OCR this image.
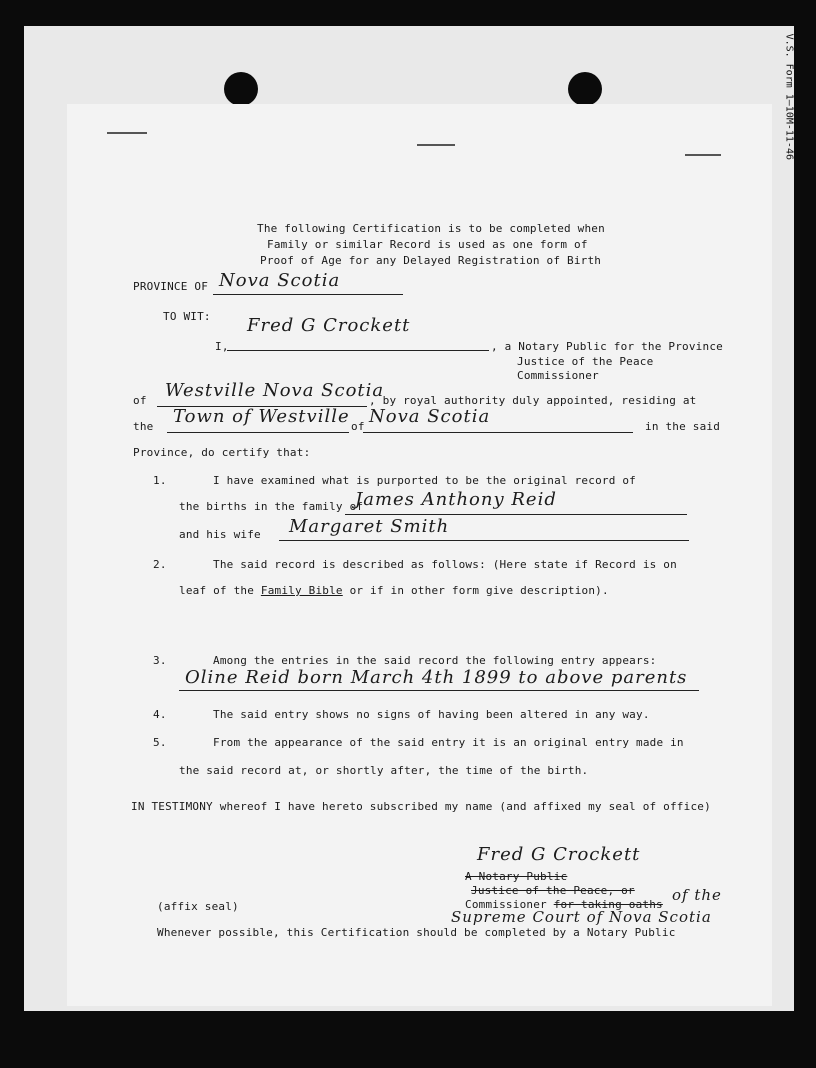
The following Certification is to be completed when
Family or similar Record is used as one form of
Proof of Age for any Delayed Registration of Birth
PROVINCE OF Nova Scotia
TO WIT:
I,
Fred G Crockett
, a Notary Public for the Province
Justice of the Peace
Commissioner
of Westville Nova Scotia
, by royal authority duly appointed, residing at
the Town of Westville of Nova Scotia	in the said
Province, do certify that:
1.	I have examined what is purported to be the original record of
the births in the family of
James Anthony Reid
and his wife Margaret Smith
2.	The said record is described as follows: (Here state if Record is on
leaf of the Family Bible or if in other form give description).
3.	Among the entries in the said record the following entry appears:
Oline Reid born March 4th 1899 to above parents
4.	The said entry shows no signs of having been altered in any way.
5.	From the appearance of the said entry it is an original entry made in
the said record at, or shortly after, the time of the birth.
IN TESTIMONY whereof I have hereto subscribed my name (and affixed my seal of office)
Fred G Crockett
A Notary Public
Justice of the Peace, or
Commissioner for taking oaths
of the
Supreme Court of Nova Scotia
(affix seal)
Whenever possible, this Certification should be completed by a Notary Public
V.S. Form 1—10M-11-46
